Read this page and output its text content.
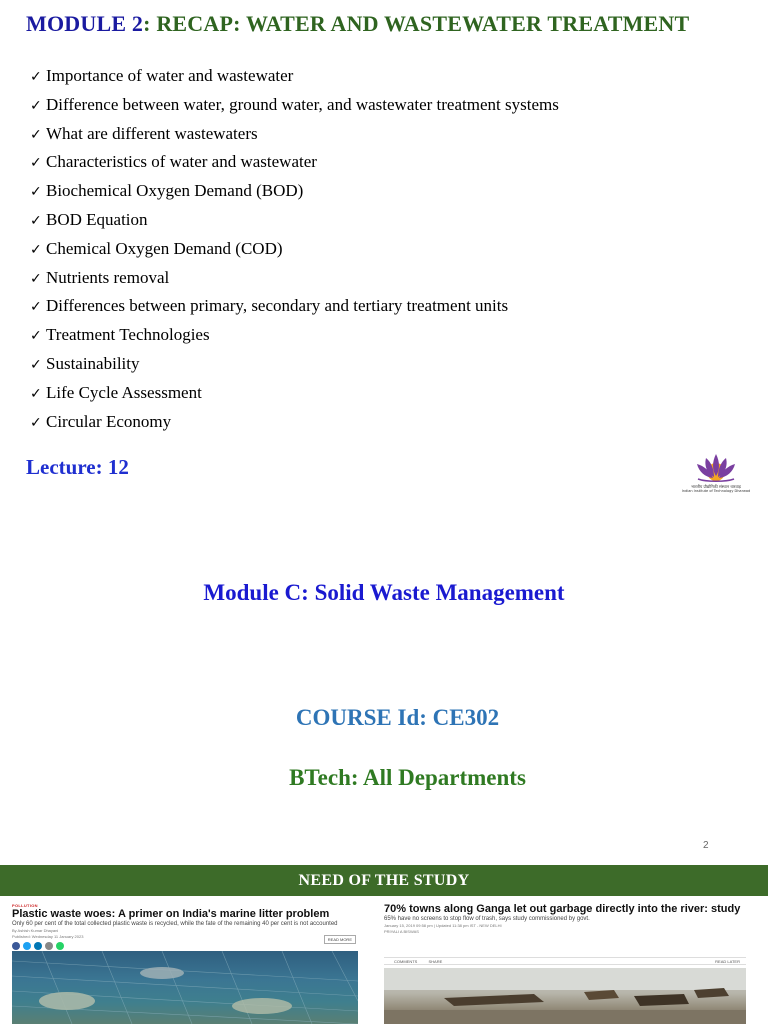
MODULE 2: RECAP: WATER AND WASTEWATER TREATMENT
✓ Importance of water and wastewater
✓ Difference between water, ground water, and wastewater treatment systems
✓ What are different wastewaters
✓ Characteristics of water and wastewater
✓ Biochemical Oxygen Demand (BOD)
✓ BOD Equation
✓ Chemical Oxygen Demand (COD)
✓ Nutrients removal
✓ Differences between primary, secondary and tertiary treatment units
✓ Treatment Technologies
✓ Sustainability
✓ Life Cycle Assessment
✓ Circular Economy
Lecture: 12
भारतीय प्रौद्योगिकी संस्थान धारवाड़
Indian Institute of Technology Dharwad
Module C: Solid Waste Management
COURSE Id: CE302
BTech: All Departments
2
NEED OF THE STUDY
POLLUTION
Plastic waste woes: A primer on India's marine litter problem
Only 60 per cent of the total collected plastic waste is recycled, while the fate of the remaining 40 per cent is not accounted
By Ashish Kumar Dhayani
Published: Wednesday 11 January 2023
READ MORE
70% towns along Ganga let out garbage directly into the river: study
65% have no screens to stop flow of trash, says study commissioned by govt.
January 15, 2019 09:58 pm | Updated 11:38 pm IST - NEW DELHI
PRIYALI A BISWAS
COMMENTS	SHARE	READ LATER
